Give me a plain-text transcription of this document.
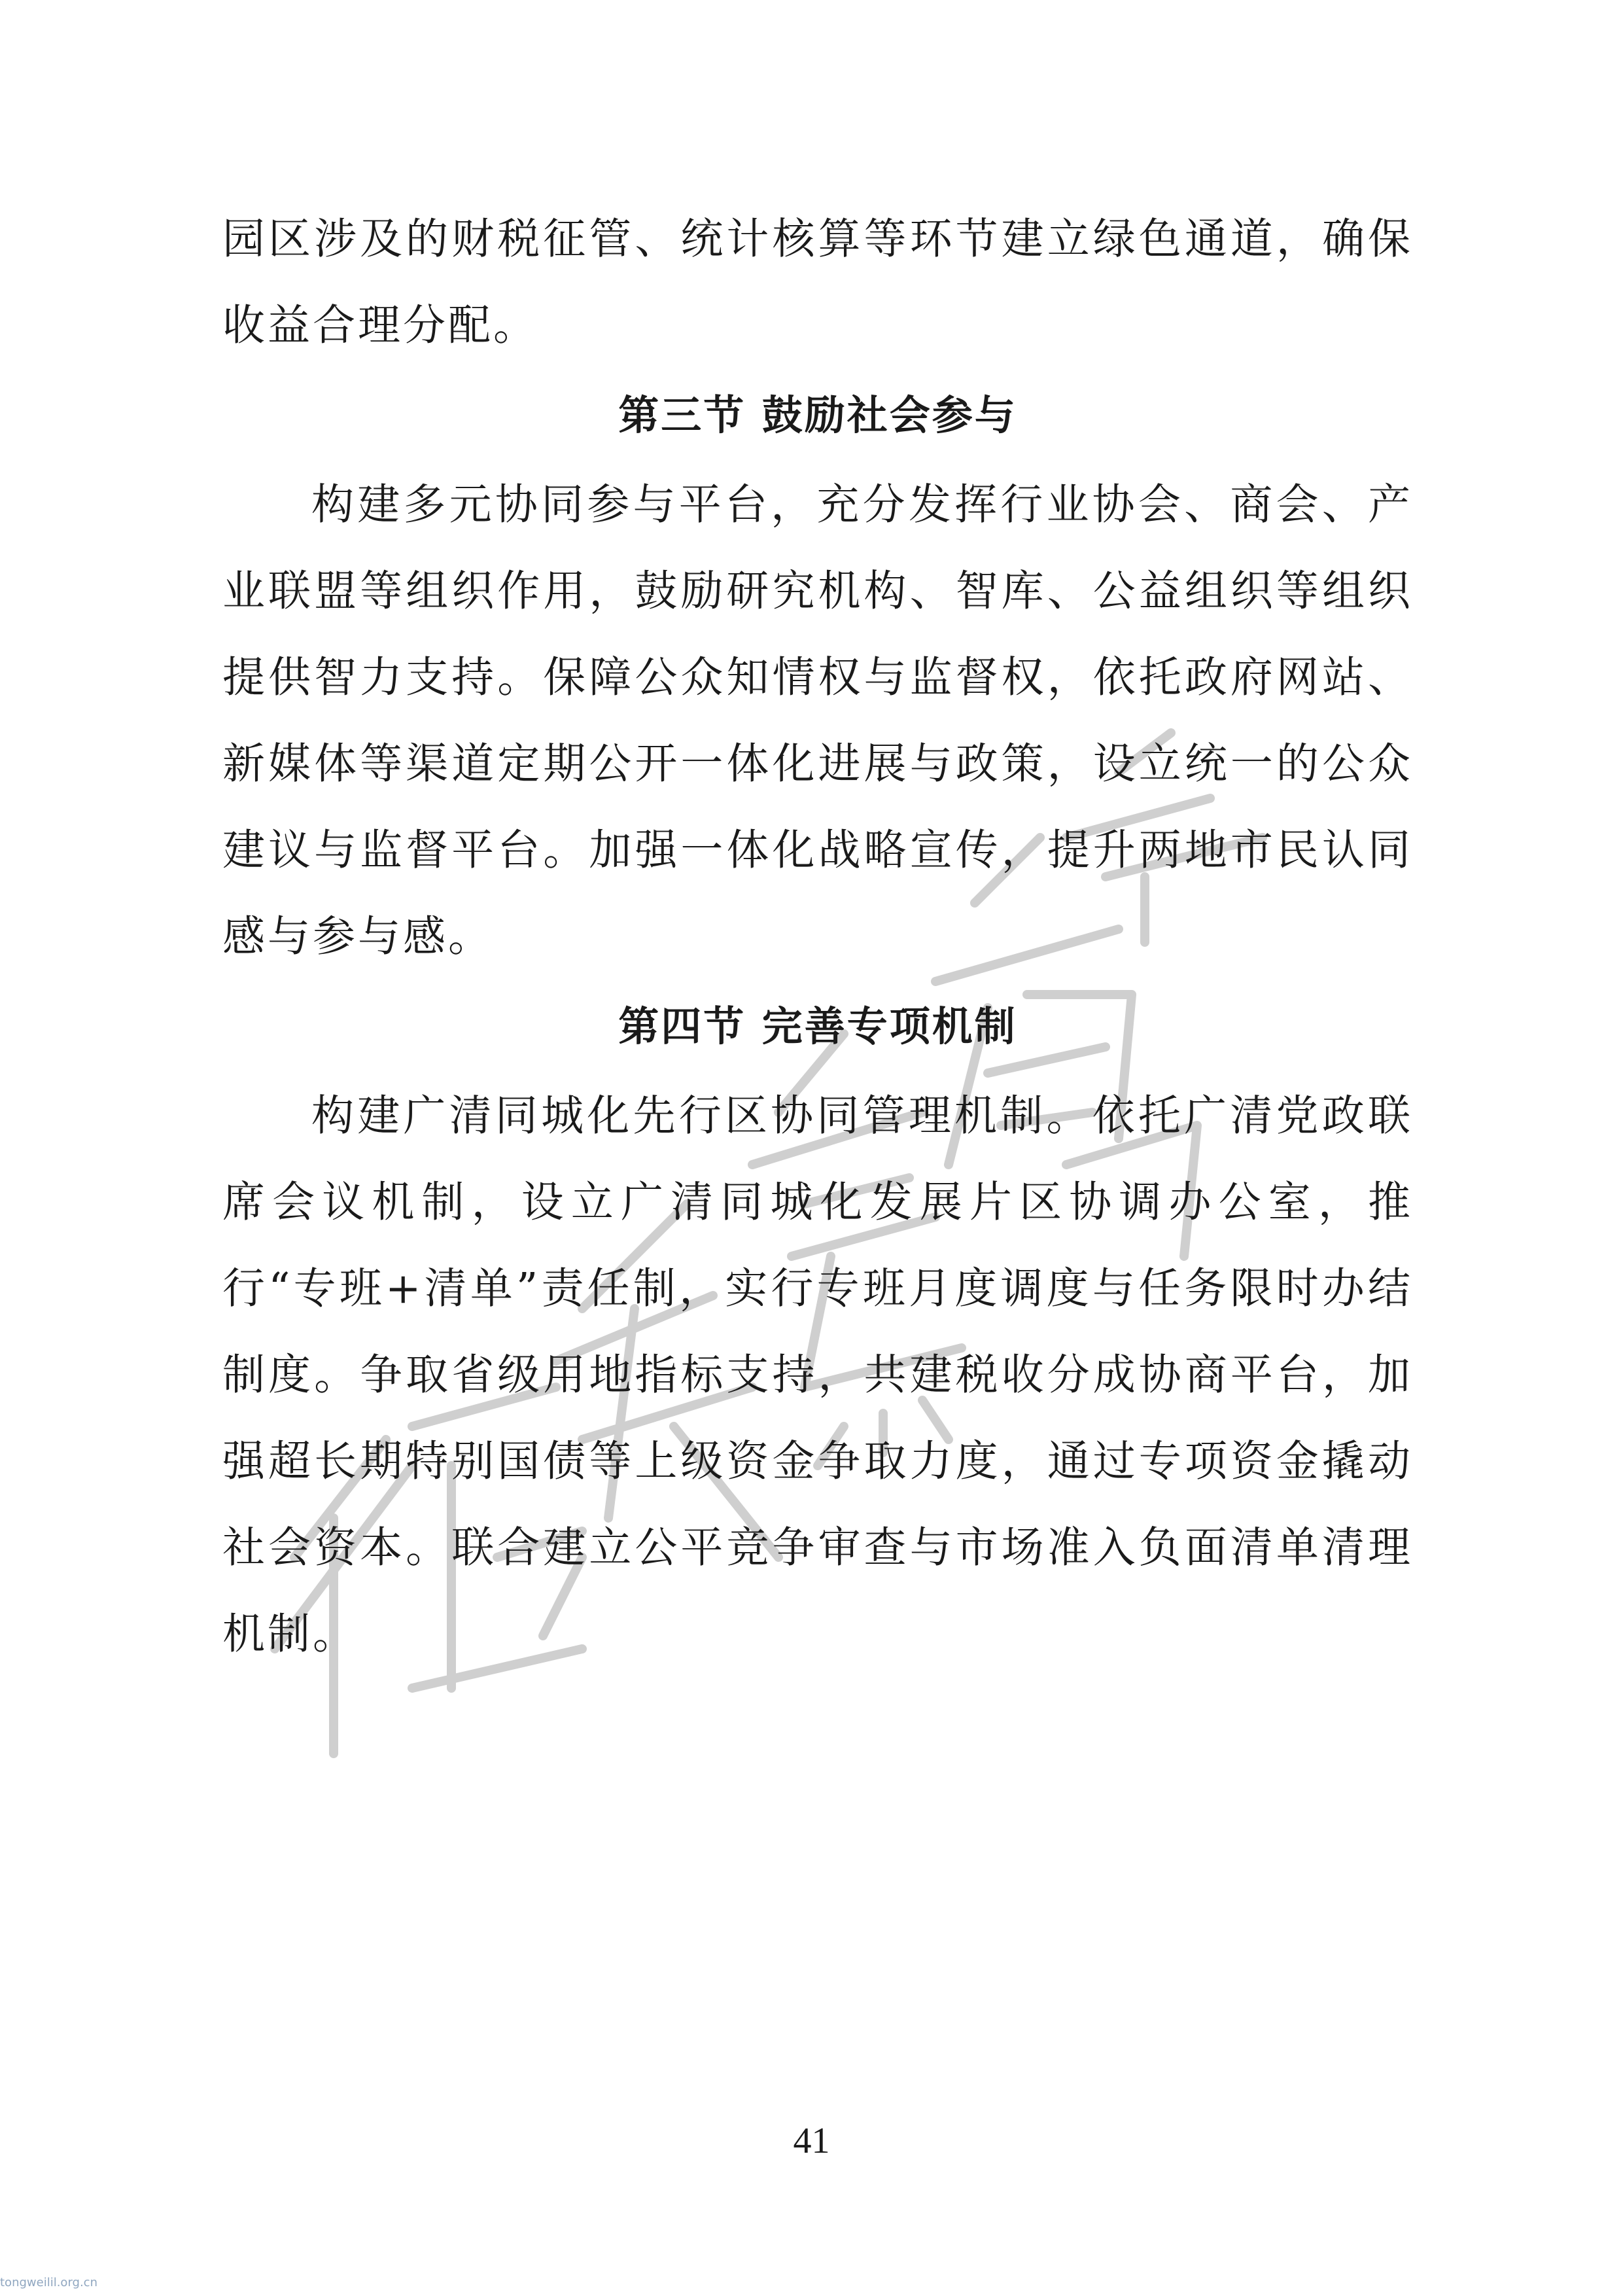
园区涉及的财税征管、统计核算等环节建立绿色通道，确保收益合理分配。

第三节 鼓励社会参与

构建多元协同参与平台，充分发挥行业协会、商会、产业联盟等组织作用，鼓励研究机构、智库、公益组织等组织提供智力支持。保障公众知情权与监督权，依托政府网站、新媒体等渠道定期公开一体化进展与政策，设立统一的公众建议与监督平台。加强一体化战略宣传，提升两地市民认同感与参与感。

第四节 完善专项机制

构建广清同城化先行区协同管理机制。依托广清党政联席会议机制，设立广清同城化发展片区协调办公室，推行“专班+清单”责任制，实行专班月度调度与任务限时办结制度。争取省级用地指标支持，共建税收分成协商平台，加强超长期特别国债等上级资金争取力度，通过专项资金撬动社会资本。联合建立公平竞争审查与市场准入负面清单清理机制。

41
tongweilil.org.cn
